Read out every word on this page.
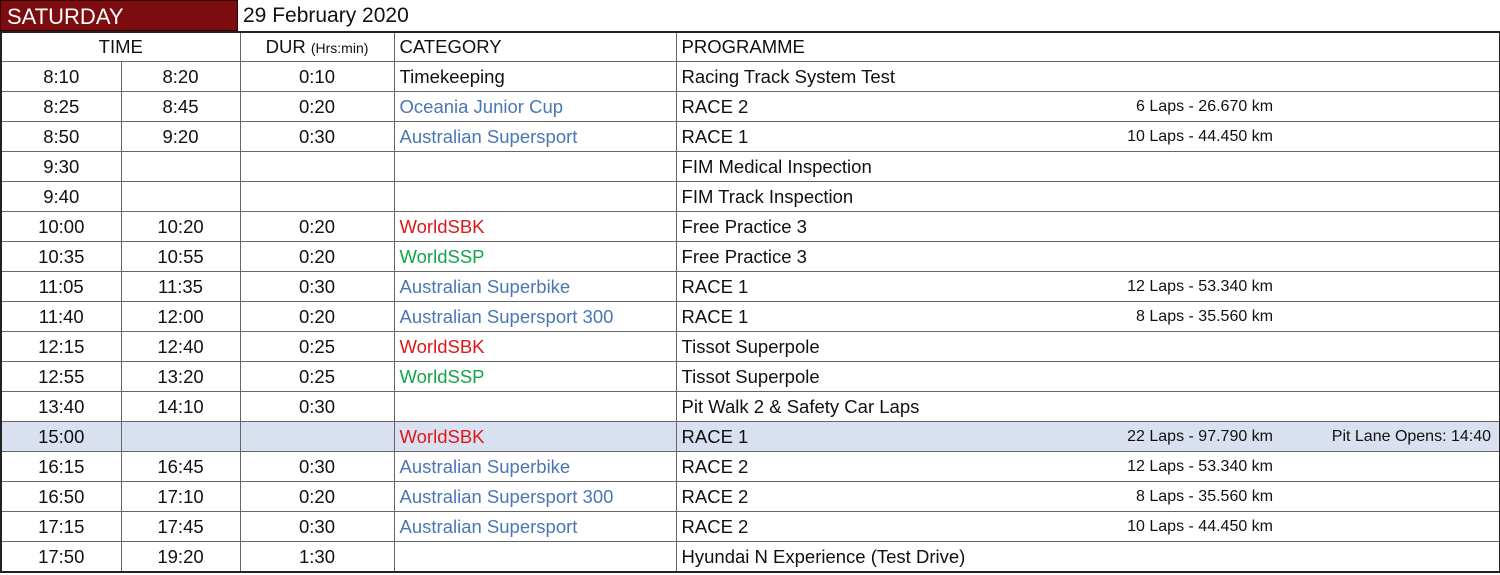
SATURDAY	29 February 2020
TIME		DUR (Hrs:min)	CATEGORY	PROGRAMME
8:10	8:20	0:10	Timekeeping	Racing Track System Test

8:25	8:45	0:20	Oceania Junior Cup	RACE 2 6 Laps - 26.670 km

8:50	9:20	0:30	Australian Supersport	RACE 1 10 Laps - 44.450 km

9:30				FIM Medical Inspection

9:40				FIM Track Inspection

10:00	10:20	0:20	WorldSBK	Free Practice 3

10:35	10:55	0:20	WorldSSP	Free Practice 3

11:05	11:35	0:30	Australian Superbike	RACE 1 12 Laps - 53.340 km

11:40	12:00	0:20	Australian Supersport 300	RACE 1 8 Laps - 35.560 km

12:15	12:40	0:25	WorldSBK	Tissot Superpole

12:55	13:20	0:25	WorldSSP	Tissot Superpole

13:40	14:10	0:30		Pit Walk 2 & Safety Car Laps

15:00			WorldSBK	RACE 1 22 Laps - 97.790 km Pit Lane Opens: 14:40

16:15	16:45	0:30	Australian Superbike	RACE 2 12 Laps - 53.340 km

16:50	17:10	0:20	Australian Supersport 300	RACE 2 8 Laps - 35.560 km

17:15	17:45	0:30	Australian Supersport	RACE 2 10 Laps - 44.450 km

17:50	19:20	1:30		Hyundai N Experience (Test Drive)
